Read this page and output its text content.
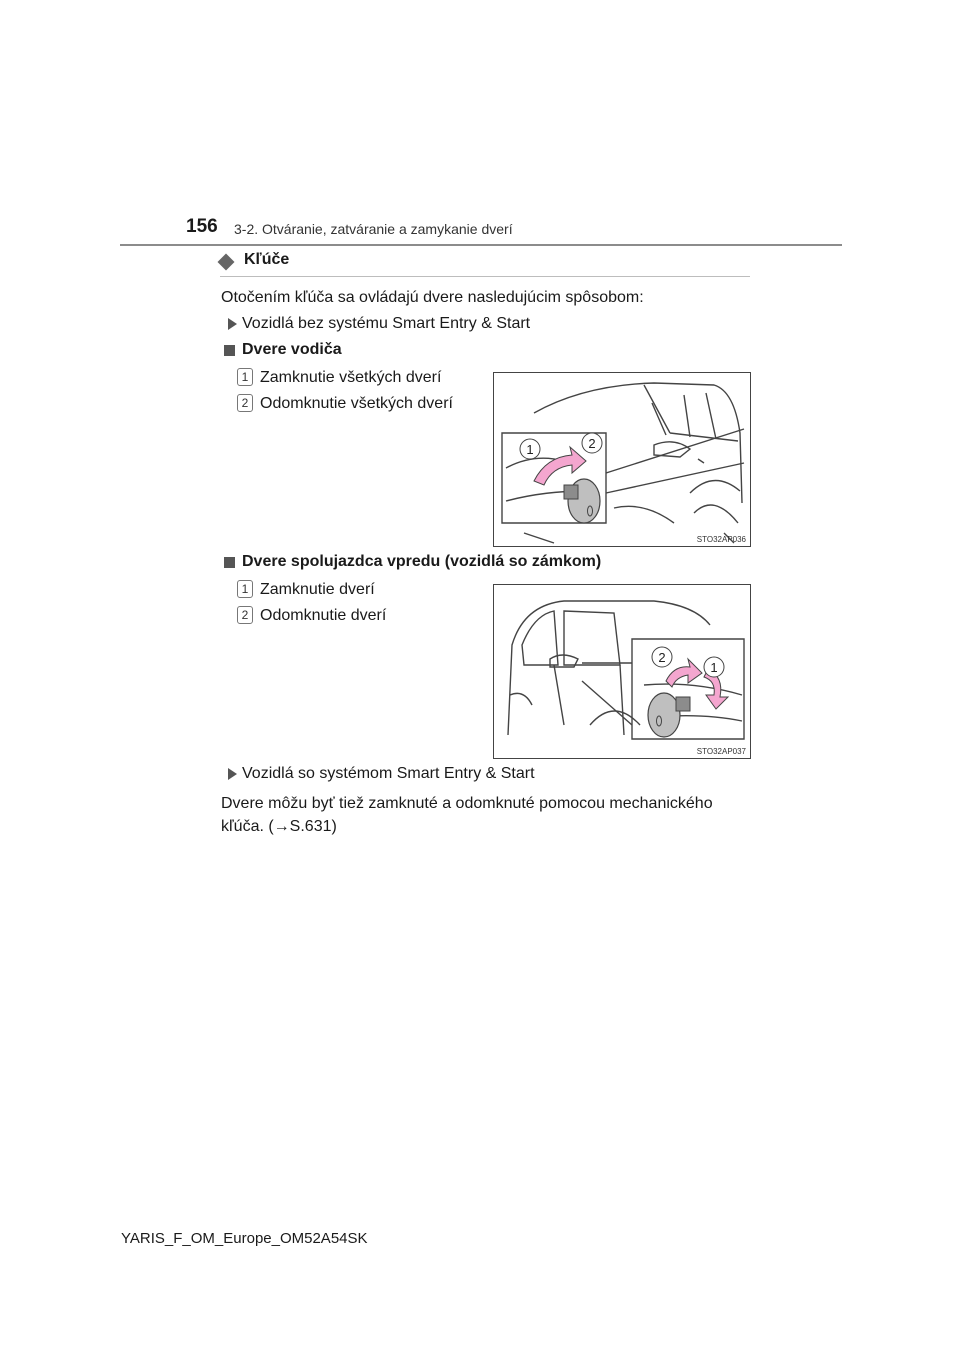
156 3-2. Otváranie, zatváranie a zamykanie dverí
Kľúče
Otočením kľúča sa ovládajú dvere nasledujúcim spôsobom:
Vozidlá bez systému Smart Entry & Start
Dvere vodiča
1 Zamknutie všetkých dverí
2 Odomknutie všetkých dverí
1	2
STO32AP036
Dvere spolujazdca vpredu (vozidlá so zámkom)
1 Zamknutie dverí
2 Odomknutie dverí
2
1
STO32AP037
Vozidlá so systémom Smart Entry & Start
Dvere môžu byť tiež zamknuté a odomknuté pomocou mechanického
kľúča. (→S.631)
YARIS_F_OM_Europe_OM52A54SK
